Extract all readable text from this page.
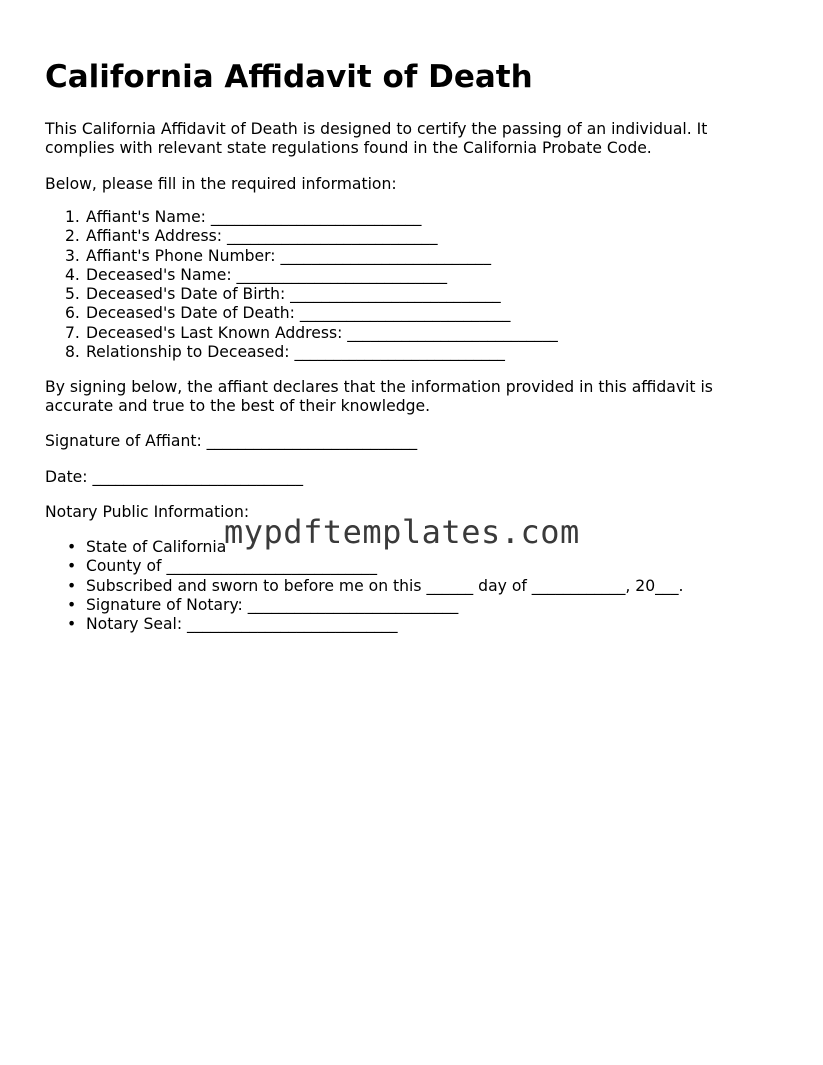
California Affidavit of Death

This California Affidavit of Death is designed to certify the passing of an individual. It

complies with relevant state regulations found in the California Probate Code.

Below, please fill in the required information:

1. Affiant's Name: ___________________________
2. Affiant's Address: ___________________________
3. Affiant's Phone Number: ___________________________
4. Deceased's Name: ___________________________
5. Deceased's Date of Birth: ___________________________
6. Deceased's Date of Death: ___________________________
7. Deceased's Last Known Address: ___________________________
8. Relationship to Deceased: ___________________________

By signing below, the affiant declares that the information provided in this affidavit is

accurate and true to the best of their knowledge.

Signature of Affiant: ___________________________

Date: ___________________________

Notary Public Information:

• State of California
• County of ___________________________
• Subscribed and sworn to before me on this ______ day of ____________, 20___.
• Signature of Notary: ___________________________
• Notary Seal: ___________________________
mypdftemplates.com
